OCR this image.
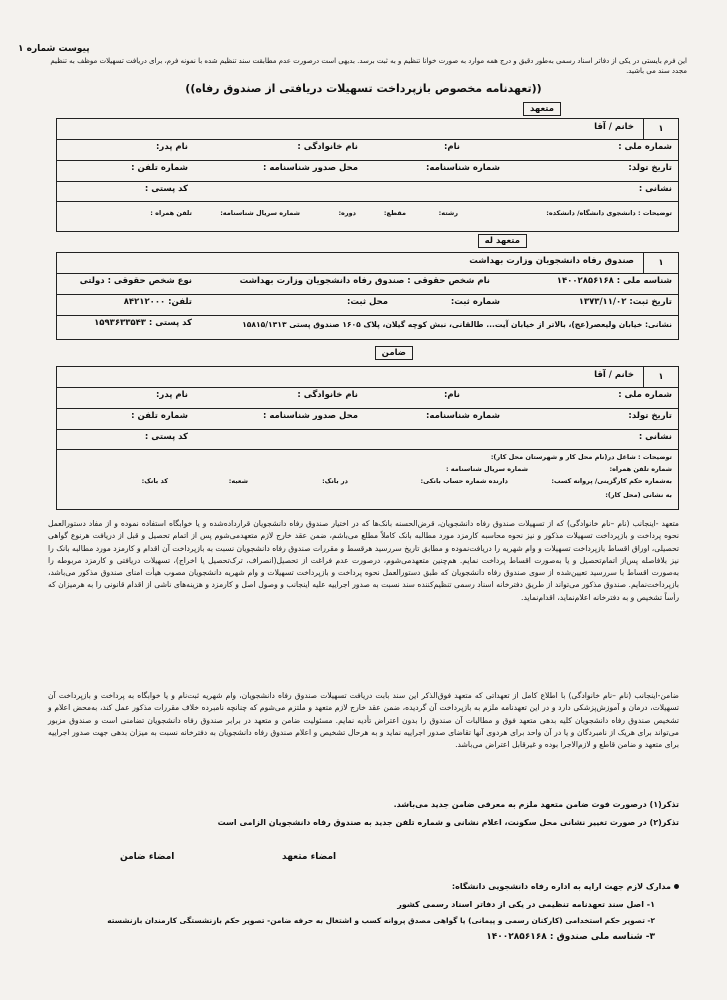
پیوست شماره ۱
این فرم بایستی در یکی از دفاتر اسناد رسمی به‌طور دقیق و درج همه موارد به صورت خوانا تنظیم و به ثبت برسد. بدیهی است درصورت عدم مطابقت سند تنظیم شده با نمونه فرم، برای دریافت تسهیلات موظف به تنظیم مجدد سند می باشید.
((تعهدنامه مخصوص بازپرداخت تسهیلات دریافتی از صندوق رفاه))
متعهد
۱
خانم / آقا
شماره ملی :
نام:
نام خانوادگی :
نام پدر:
تاریخ تولد:
شماره شناسنامه:
محل صدور شناسنامه :
شماره تلفن :
نشانی :
کد پستی :
توضیحات : دانشجوی دانشگاه/ دانشکده:
رشته:
مقطع:
دوره:
شماره سریال شناسنامه:
تلفن همراه :
متعهد له
۱
صندوق رفاه دانشجویان وزارت بهداشت
شناسه ملی : ۱۴۰۰۲۸۵۶۱۶۸
نام شخص حقوقی : صندوق رفاه دانشجویان وزارت بهداشت
نوع شخص حقوقی : دولتی
تاریخ ثبت: ۱۳۷۳/۱۱/۰۲
شماره ثبت:
محل ثبت:
تلفن: ۸۴۲۱۲۰۰۰
نشانی: خیابان ولیعصر(عج)، بالاتر از خیابان آیت... طالقانی، نبش کوچه گیلان، پلاک ۱۶۰۵ صندوق پستی ۱۵۸۱۵/۱۳۱۳
کد پستی : ۱۵۹۳۶۳۳۵۴۳
ضامن
۱
خانم / آقا
شماره ملی :
نام:
نام خانوادگی :
نام پدر:
تاریخ تولد:
شماره شناسنامه:
محل صدور شناسنامه :
شماره تلفن :
نشانی :
کد پستی :
توضیحات : شاغل در(نام محل کار و شهرستان محل کار):
شماره تلفن همراه:
شماره سریال شناسنامه :
به‌شماره حکم کارگزینی/ پروانه کسب:
دارنده شماره حساب بانکی:
در بانک:
شعبه:
کد بانک:
به نشانی (محل کار):
متعهد -اینجانب (نام –نام خانوادگی) که از تسهیلات صندوق رفاه دانشجویان، قرض‌الحسنه بانک‌ها که در اختیار صندوق رفاه دانشجویان قرارداده‌شده و یا خوابگاه استفاده نموده و از مفاد دستورالعمل نحوه پرداخت و بازپرداخت تسهیلات مذکور و نیز نحوه محاسبه کارمزد مورد مطالبه بانک کاملاً مطلع می‌باشم، ضمن عقد خارج لازم متعهدمی‌شوم پس از اتمام تحصیل و قبل از دریافت هرنوع گواهی تحصیلی، اوراق اقساط بازپرداخت تسهیلات و وام شهریه را دریافت‌نموده و مطابق تاریخ سررسید هرقسط و مقررات صندوق رفاه دانشجویان نسبت به بازپرداخت آن اقدام و کارمزد مورد مطالبه بانک را نیز بلافاصله پس‌از اتمام‌تحصیل و یا به‌صورت اقساط پرداخت نمایم. هم‌چنین متعهدمی‌شوم، درصورت عدم فراغت از تحصیل(انصراف، ترک‌تحصیل یا اخراج)، تسهیلات دریافتی و کارمزد مربوطه را به‌صورت اقساط با سررسید تعیین‌شده از سوی صندوق رفاه دانشجویان که طبق دستورالعمل نحوه پرداخت و بازپرداخت تسهیلات و وام شهریه دانشجویان مصوب هیأت امنای صندوق مذکور می‌باشد، بازپرداخت‌نمایم. صندوق مذکور می‌تواند از طریق دفترخانه اسناد رسمی تنظیم‌کننده سند نسبت به صدور اجراییه علیه اینجانب و وصول اصل و کارمزد و هزینه‌های ناشی از اقدام قانونی را به هرمیزان که رأساً تشخیص و به دفترخانه اعلام‌نماید، اقدام‌نماید.
ضامن-اینجانب (نام –نام خانوادگی) با اطلاع کامل از تعهداتی که متعهد فوق‌الذکر این سند بابت دریافت تسهیلات صندوق رفاه دانشجویان، وام شهریه ثبت‌نام و یا خوابگاه به پرداخت و بازپرداخت آن تسهیلات، درمان و آموزش‌پزشکی دارد و در این تعهدنامه ملزم به بازپرداخت آن گردیده، ضمن عقد خارج لازم متعهد و ملتزم می‌شوم که چنانچه نامبرده خلاف مقررات مذکور عمل کند، به‌محض اعلام و تشخیص صندوق رفاه دانشجویان کلیه بدهی متعهد فوق و مطالبات آن صندوق را بدون اعتراض تأدیه نمایم. مسئولیت ضامن و متعهد در برابر صندوق رفاه دانشجویان تضامنی است و صندوق مزبور می‌تواند برای هریک از نامبردگان و یا در آن واحد برای هردوی آنها تقاضای صدور اجراییه نماید و به هرحال تشخیص و اعلام صندوق رفاه دانشجویان به دفترخانه نسبت به میزان بدهی جهت صدور اجراییه برای متعهد و ضامن قاطع و لازم‌الاجرا بوده و غیرقابل اعتراض می‌باشد.
تذکر(۱) درصورت فوت ضامن متعهد ملزم به معرفی ضامن جدید می‌باشد.
تذکر(۲) در صورت تغییر نشانی محل سکونت، اعلام نشانی و شماره تلفن جدید به صندوق رفاه دانشجویان الزامی است
امضاء ضامن	امضاء متعهد
مدارک لازم جهت ارایه به اداره رفاه دانشجویی دانشگاه:
۱- اصل سند تعهدنامه تنظیمی در یکی از دفاتر اسناد رسمی کشور
۲- تصویر حکم استخدامی (کارکنان رسمی و پیمانی) یا گواهی مصدق پروانه کسب و اشتغال به حرفه ضامن- تصویر حکم بازنشستگی کارمندان بازنشسته
۳- شناسه ملی صندوق : ۱۴۰۰۲۸۵۶۱۶۸
